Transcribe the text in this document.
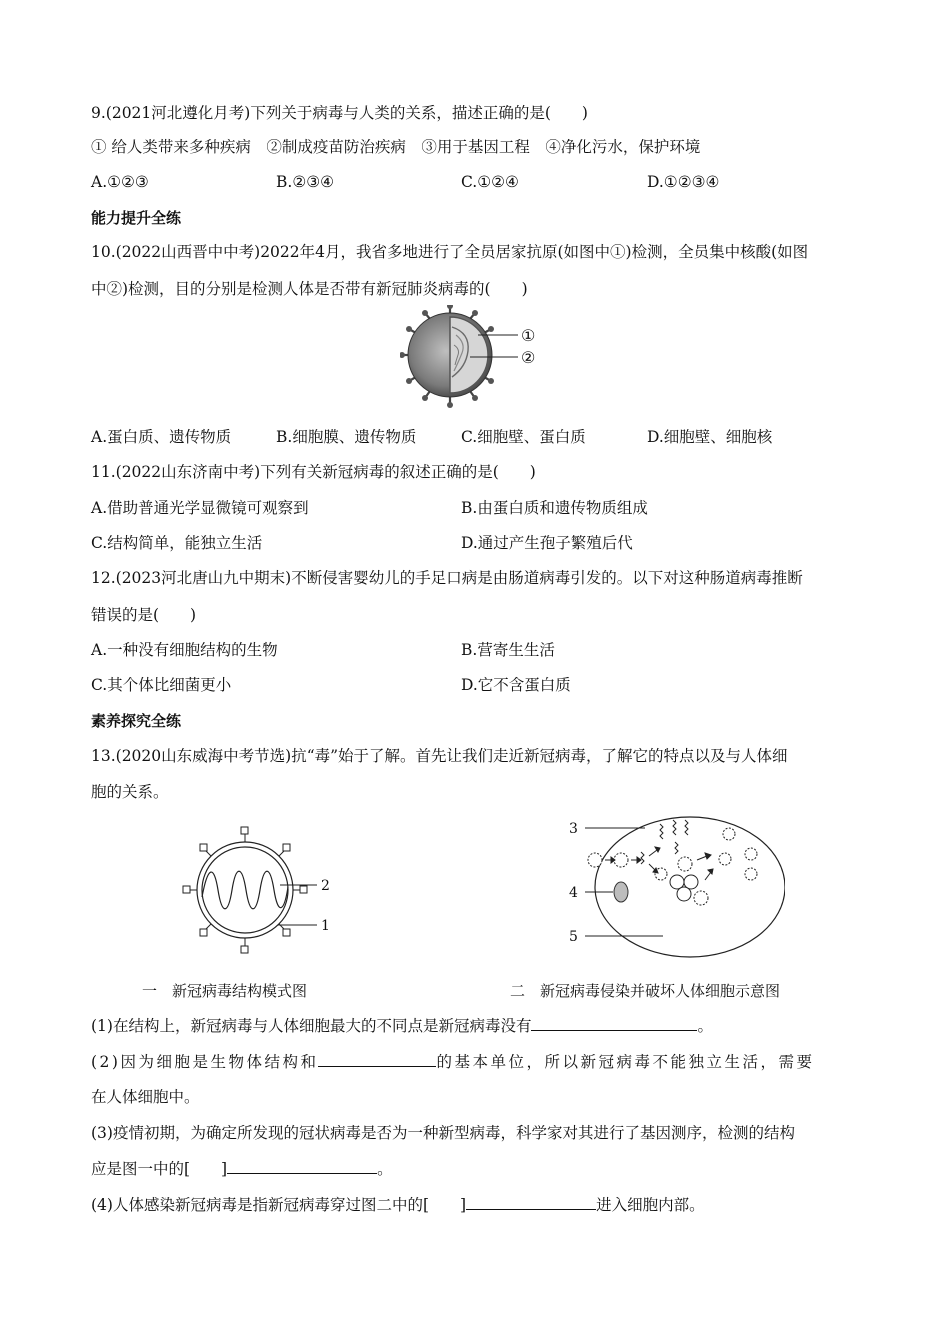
9.(2021河北遵化月考)下列关于病毒与人类的关系，描述正确的是(　　)
① 给人类带来多种疾病　②制成疫苗防治疾病　③用于基因工程　④净化污水，保护环境
A.①②③	B.②③④	C.①②④	D.①②③④
能力提升全练
10.(2022山西晋中中考)2022年4月，我省多地进行了全员居家抗原(如图中①)检测，全员集中核酸(如图
中②)检测，目的分别是检测人体是否带有新冠肺炎病毒的(　　)
①
②
A.蛋白质、遗传物质	B.细胞膜、遗传物质	C.细胞壁、蛋白质	D.细胞壁、细胞核
11.(2022山东济南中考)下列有关新冠病毒的叙述正确的是(　　)
A.借助普通光学显微镜可观察到	B.由蛋白质和遗传物质组成
C.结构简单，能独立生活	D.通过产生孢子繁殖后代
12.(2023河北唐山九中期末)不断侵害婴幼儿的手足口病是由肠道病毒引发的。以下对这种肠道病毒推断
错误的是(　　)
A.一种没有细胞结构的生物	B.营寄生生活
C.其个体比细菌更小	D.它不含蛋白质
素养探究全练
13.(2020山东威海中考节选)抗“毒”始于了解。首先让我们走近新冠病毒，了解它的特点以及与人体细
胞的关系。
2
1
3
4
5
一　新冠病毒结构模式图	二　新冠病毒侵染并破坏人体细胞示意图
(1)在结构上，新冠病毒与人体细胞最大的不同点是新冠病毒没有	。
(2)因为细胞是生物体结构和	的基本单位，所以新冠病毒不能独立生活，需要
在人体细胞中。
(3)疫情初期，为确定所发现的冠状病毒是否为一种新型病毒，科学家对其进行了基因测序，检测的结构
应是图一中的[　　]	。
(4)人体感染新冠病毒是指新冠病毒穿过图二中的[　　]	进入细胞内部。
